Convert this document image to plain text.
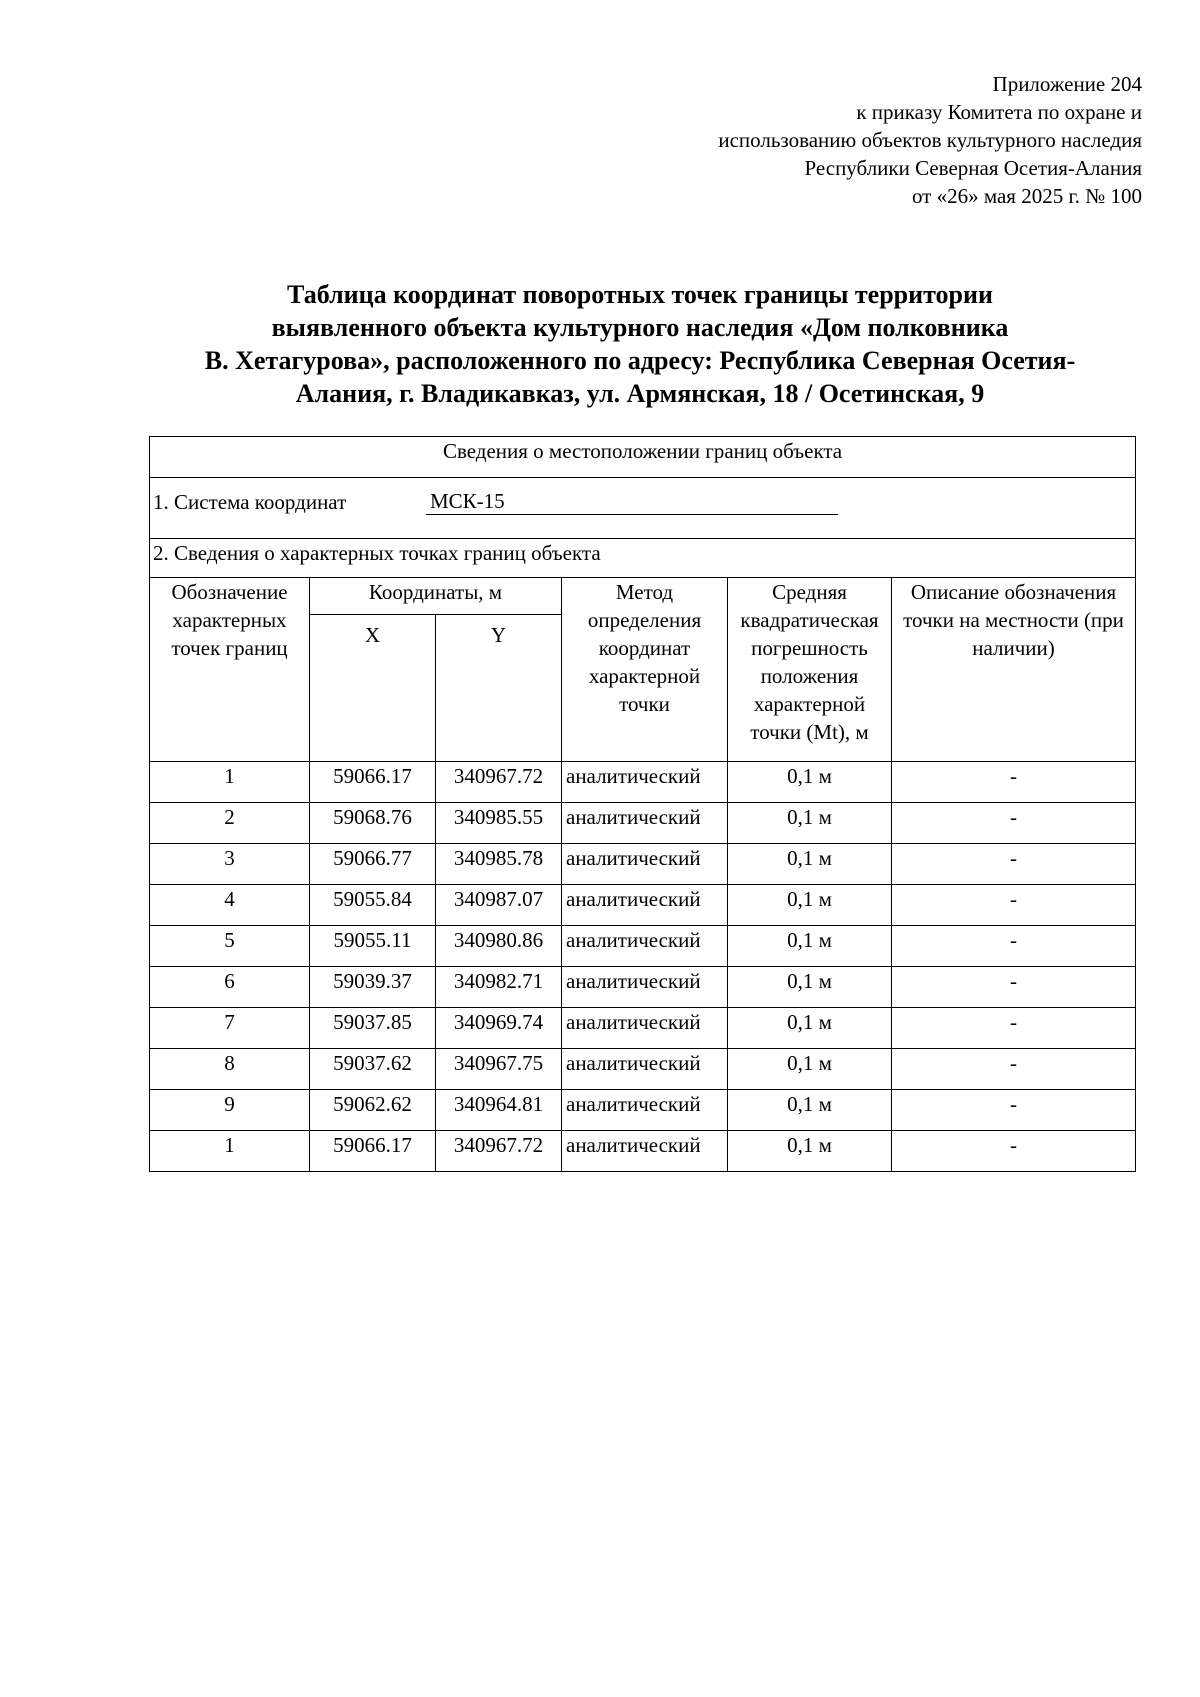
Приложение 204
к приказу Комитета по охране и
использованию объектов культурного наследия
Республики Северная Осетия-Алания
от «26» мая 2025 г. № 100
Таблица координат поворотных точек границы территории
выявленного объекта культурного наследия «Дом полковника
В. Хетагурова», расположенного по адресу: Республика Северная Осетия-
Алания, г. Владикавказ, ул. Армянская, 18 / Осетинская, 9
Сведения о местоположении границ объекта					

1. Система координат МСК-15					

2. Сведения о характерных точках границ объекта					
Обозначение характерных точек границ	Координаты, м		Метод определения координат характерной точки	Средняя квадратическая погрешность положения характерной точки (Mt), м	Описание обозначения точки на местности (при наличии)
	X	Y			
1	59066.17	340967.72	аналитический	0,1 м	-
2	59068.76	340985.55	аналитический	0,1 м	-
3	59066.77	340985.78	аналитический	0,1 м	-
4	59055.84	340987.07	аналитический	0,1 м	-
5	59055.11	340980.86	аналитический	0,1 м	-
6	59039.37	340982.71	аналитический	0,1 м	-
7	59037.85	340969.74	аналитический	0,1 м	-
8	59037.62	340967.75	аналитический	0,1 м	-
9	59062.62	340964.81	аналитический	0,1 м	-
1	59066.17	340967.72	аналитический	0,1 м	-
